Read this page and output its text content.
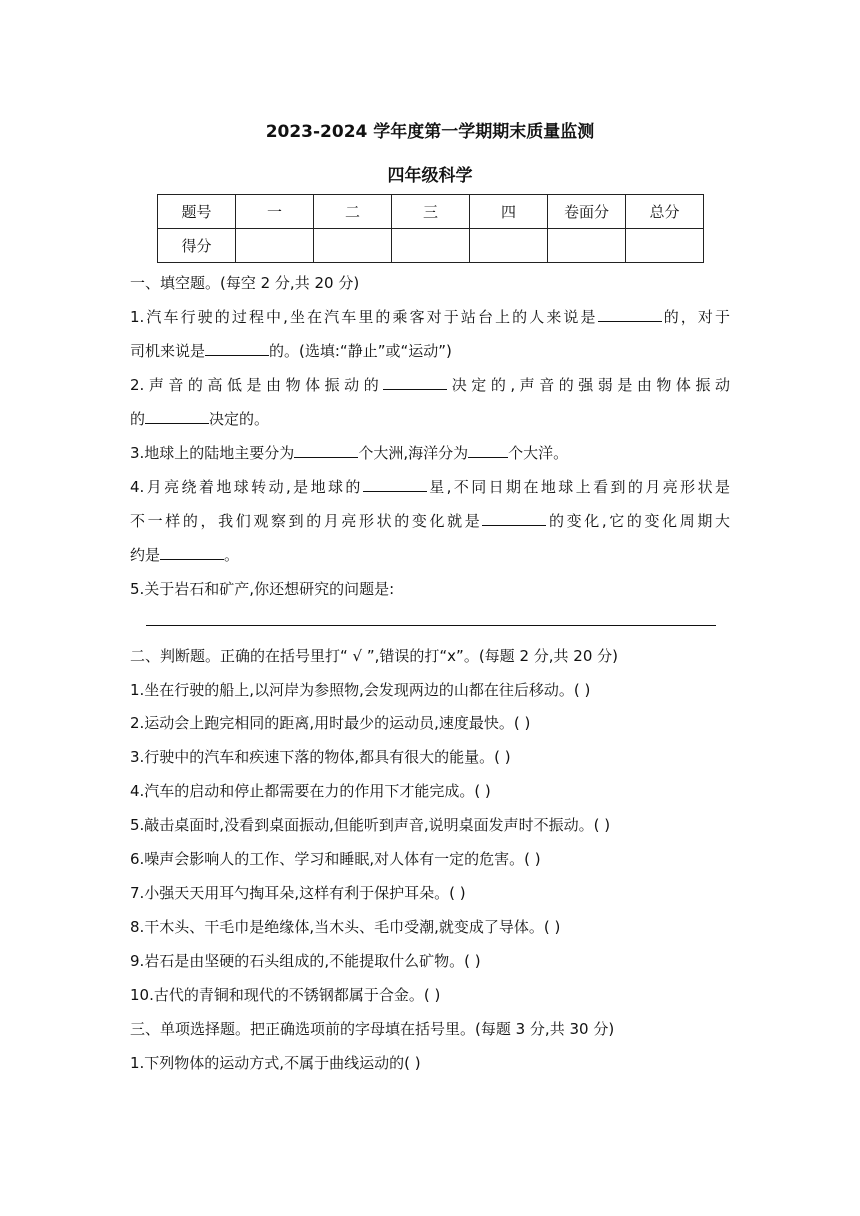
2023-2024 学年度第一学期期末质量监测
四年级科学
题号	一	二	三	四	卷面分	总分
得分						
一、填空题。(每空 2 分,共 20 分)
1.汽车行驶的过程中,坐在汽车里的乘客对于站台上的人来说是	的，对于
司机来说是	的。(选填:“静止”或“运动”)
2.声音的高低是由物体振动的	决定的,声音的强弱是由物体振动
的	决定的。
3.地球上的陆地主要分为	个大洲,海洋分为	个大洋。
4.月亮绕着地球转动,是地球的	星,不同日期在地球上看到的月亮形状是
不一样的，我们观察到的月亮形状的变化就是	的变化,它的变化周期大
约是	。
5.关于岩石和矿产,你还想研究的问题是:
二、判断题。正确的在括号里打“ √ ”,错误的打“x”。(每题 2 分,共 20 分)
1.坐在行驶的船上,以河岸为参照物,会发现两边的山都在往后移动。( )
2.运动会上跑完相同的距离,用时最少的运动员,速度最快。( )
3.行驶中的汽车和疾速下落的物体,都具有很大的能量。( )
4.汽车的启动和停止都需要在力的作用下才能完成。( )
5.敲击桌面时,没看到桌面振动,但能听到声音,说明桌面发声时不振动。( )
6.噪声会影响人的工作、学习和睡眠,对人体有一定的危害。( )
7.小强天天用耳勺掏耳朵,这样有利于保护耳朵。( )
8.干木头、干毛巾是绝缘体,当木头、毛巾受潮,就变成了导体。( )
9.岩石是由坚硬的石头组成的,不能提取什么矿物。( )
10.古代的青铜和现代的不锈钢都属于合金。( )
三、单项选择题。把正确选项前的字母填在括号里。(每题 3 分,共 30 分)
1.下列物体的运动方式,不属于曲线运动的( )
